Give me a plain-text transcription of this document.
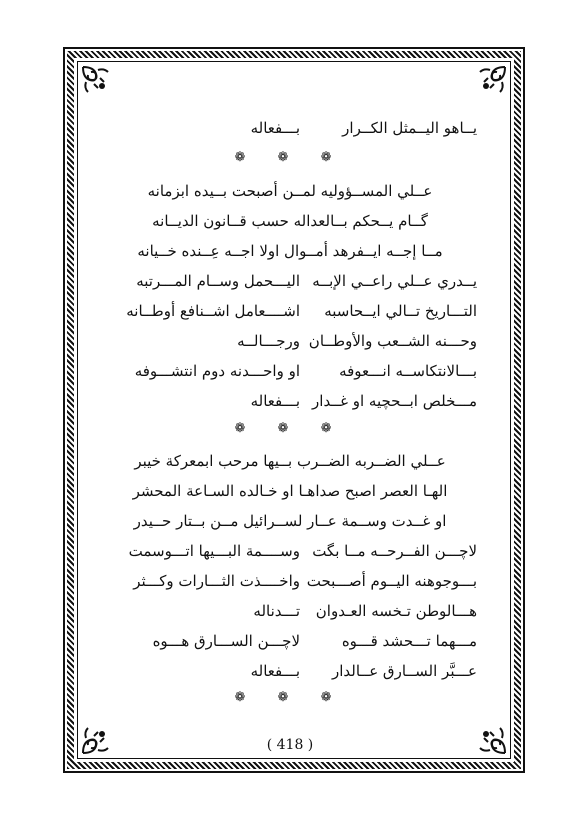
يــاهو اليــمثل الكــرار
بـــفعاله
❁ ❁ ❁
عــلي المســؤوليه لمــن أصبحت بــيده ابزمانه
گــام يــحكم بــالعداله حسب قــانون الديــانه
مــا إجــه ايــفرهد أمــوال اولا اجــه عِــنده خــيانه
يــدري عــلي راعــي الإبــه
اليـــحمل وســام المـــرتبه
التـــاريخ تــالي ايــحاسبه
اشــــعامل اشــنافع أوطــانه
وحـــنه الشــعب والأوطــان
ورجـــالــه
بـــالانتكاســه انـــعوفه
او واحـــدنه دوم انتشـــوفه
مـــخلص ابــحچيه او غــدار
بـــفعاله
❁ ❁ ❁
عــلي الضــربه الضــرب بــيها مرحب ابمعركة خيبر
الهـا العصر اصبح صداهـا او خـالده السـاعة المحشر
او غــدت وســمة عــار لســرائيل مــن بــتار حــيدر
لاچـــن الفــرحــه مــا بگت
وســــمة البـــيها اتـــوسمت
بـــوجوهنه اليــوم أصـــبحت
واخــــذت الثـــارات وكـــثر
هـــالوطن تـخسه العـدوان
تـــدناله
مـــهما تـــحشد قـــوه
لاچـــن الســـارق هـــوه
عـــبَّر الســارق عــالدار
بـــفعاله
❁ ❁ ❁
( 418 )
